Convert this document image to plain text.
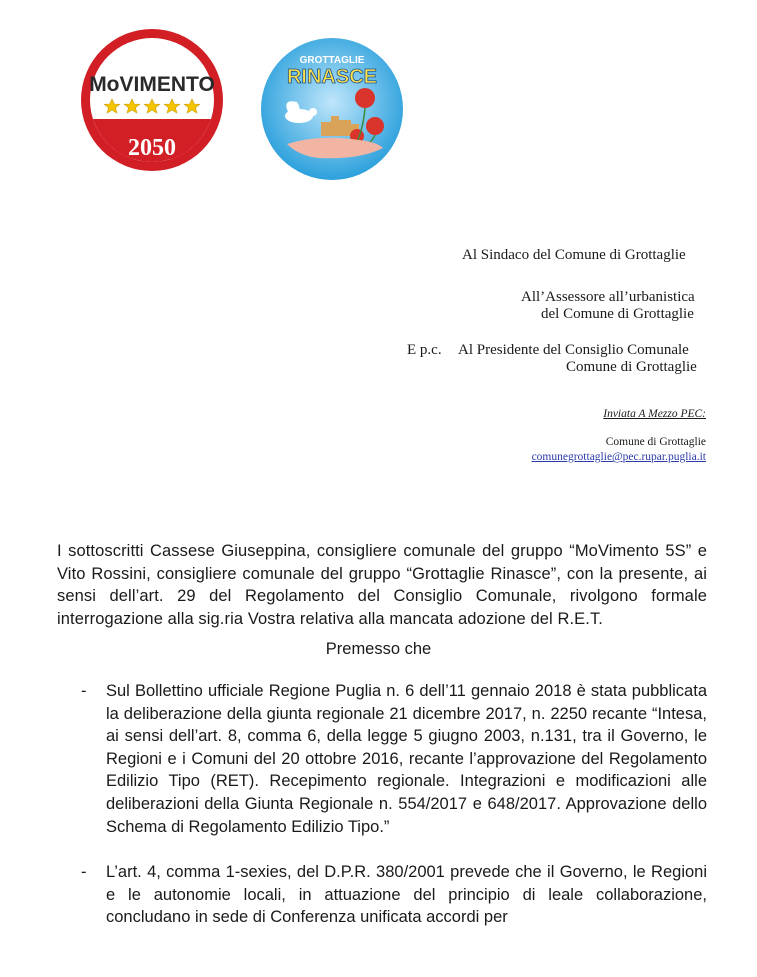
MoVIMENTO
2050
GROTTAGLIE
RINASCE
Al Sindaco del Comune di Grottaglie
All’Assessore all’urbanistica
del Comune di Grottaglie
E p.c. Al Presidente del Consiglio Comunale
Comune di Grottaglie
Inviata A Mezzo PEC:
Comune di Grottaglie
comunegrottaglie@pec.rupar.puglia.it
I sottoscritti Cassese Giuseppina, consigliere comunale del gruppo “MoVimento 5S” e Vito Rossini, consigliere comunale del gruppo “Grottaglie Rinasce”, con la presente, ai sensi dell’art. 29 del Regolamento del Consiglio Comunale, rivolgono formale interrogazione alla sig.ria Vostra relativa alla mancata adozione del R.E.T.
Premesso che
- Sul Bollettino ufficiale Regione Puglia n. 6 dell’11 gennaio 2018 è stata pubblicata la deliberazione della giunta regionale 21 dicembre 2017, n. 2250 recante “Intesa, ai sensi dell’art. 8, comma 6, della legge 5 giugno 2003, n.131, tra il Governo, le Regioni e i Comuni del 20 ottobre 2016, recante l’approvazione del Regolamento Edilizio Tipo (RET). Recepimento regionale. Integrazioni e modificazioni alle deliberazioni della Giunta Regionale n. 554/2017 e 648/2017. Approvazione dello Schema di Regolamento Edilizio Tipo.”
- L’art. 4, comma 1-sexies, del D.P.R. 380/2001 prevede che il Governo, le Regioni e le autonomie locali, in attuazione del principio di leale collaborazione, concludano in sede di Conferenza unificata accordi per
